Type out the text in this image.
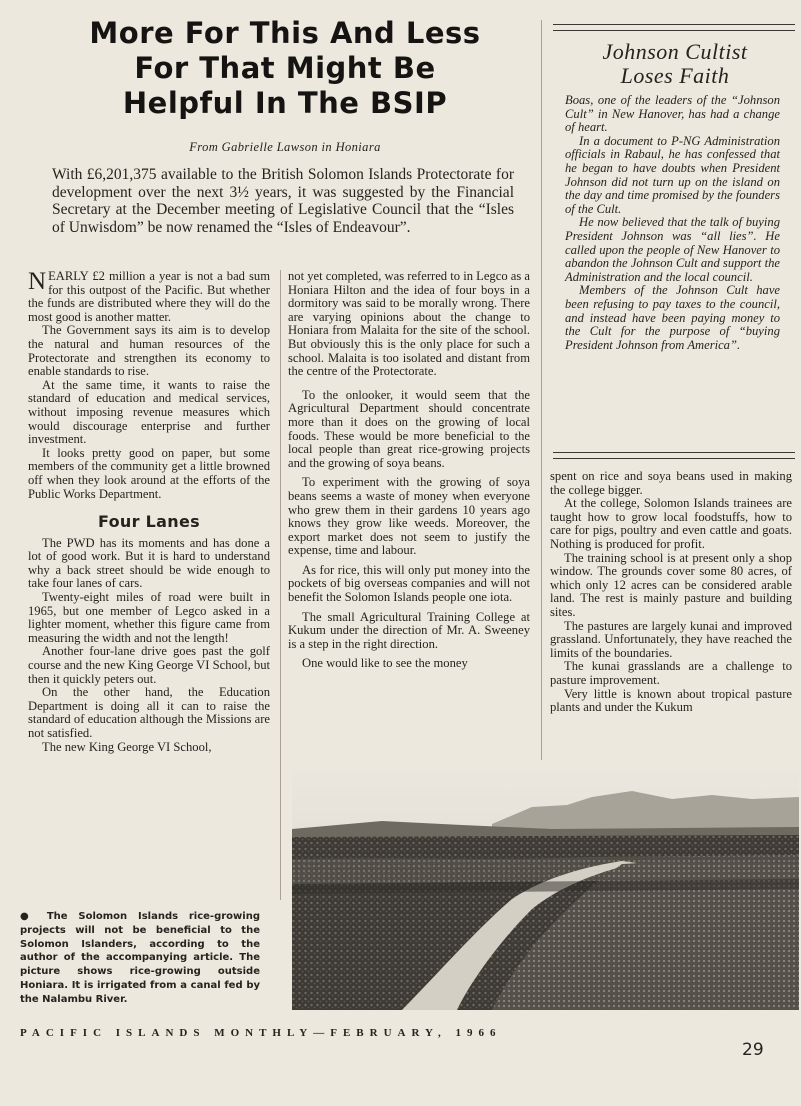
More For This And Less
For That Might Be
Helpful In The BSIP
From Gabrielle Lawson in Honiara
With £6,201,375 available to the British Solomon Islands Protectorate for development over the next 3½ years, it was suggested by the Financial Secretary at the December meeting of Legislative Council that the “Isles of Unwisdom” be now renamed the “Isles of Endeavour”.

NEARLY £2 million a year is not a bad sum for this outpost of the Pacific. But whether the funds are distributed where they will do the most good is another matter.

The Government says its aim is to develop the natural and human resources of the Protectorate and strengthen its economy to enable standards to rise.

At the same time, it wants to raise the standard of education and medical services, without imposing revenue measures which would discourage enterprise and further investment.

It looks pretty good on paper, but some members of the community get a little browned off when they look around at the efforts of the Public Works Department.

Four Lanes

The PWD has its moments and has done a lot of good work. But it is hard to understand why a back street should be wide enough to take four lanes of cars.

Twenty-eight miles of road were built in 1965, but one member of Legco asked in a lighter moment, whether this figure came from measuring the width and not the length!

Another four-lane drive goes past the golf course and the new King George VI School, but then it quickly peters out.

On the other hand, the Education Department is doing all it can to raise the standard of education although the Missions are not satisfied.

The new King George VI School,

not yet completed, was referred to in Legco as a Honiara Hilton and the idea of four boys in a dormitory was said to be morally wrong. There are varying opinions about the change to Honiara from Malaita for the site of the school. But obviously this is the only place for such a school. Malaita is too isolated and distant from the centre of the Protectorate.

To the onlooker, it would seem that the Agricultural Department should concentrate more than it does on the growing of local foods. These would be more beneficial to the local people than great rice-growing projects and the growing of soya beans.

To experiment with the growing of soya beans seems a waste of money when everyone who grew them in their gardens 10 years ago knows they grow like weeds. Moreover, the export market does not seem to justify the expense, time and labour.

As for rice, this will only put money into the pockets of big overseas companies and will not benefit the Solomon Islands people one iota.

The small Agricultural Training College at Kukum under the direction of Mr. A. Sweeney is a step in the right direction.

One would like to see the money

Johnson Cultist
Loses Faith

Boas, one of the leaders of the “Johnson Cult” in New Hanover, has had a change of heart.

In a document to P-NG Administration officials in Rabaul, he has confessed that he began to have doubts when President Johnson did not turn up on the island on the day and time promised by the founders of the Cult.

He now believed that the talk of buying President Johnson was “all lies”. He called upon the people of New Hanover to abandon the Johnson Cult and support the Administration and the local council.

Members of the Johnson Cult have been refusing to pay taxes to the council, and instead have been paying money to the Cult for the purpose of “buying President Johnson from America”.

spent on rice and soya beans used in making the college bigger.

At the college, Solomon Islands trainees are taught how to grow local foodstuffs, how to care for pigs, poultry and even cattle and goats. Nothing is produced for profit.

The training school is at present only a shop window. The grounds cover some 80 acres, of which only 12 acres can be considered arable land. The rest is mainly pasture and building sites.

The pastures are largely kunai and improved grassland. Unfortunately, they have reached the limits of the boundaries.

The kunai grasslands are a challenge to pasture improvement.

Very little is known about tropical pasture plants and under the Kukum

● The Solomon Islands rice-growing projects will not be beneficial to the Solomon Islanders, according to the author of the accompanying article. The picture shows rice-growing outside Honiara. It is irrigated from a canal fed by the Nalambu River.
PACIFIC ISLANDS MONTHLY—FEBRUARY, 1966
29
